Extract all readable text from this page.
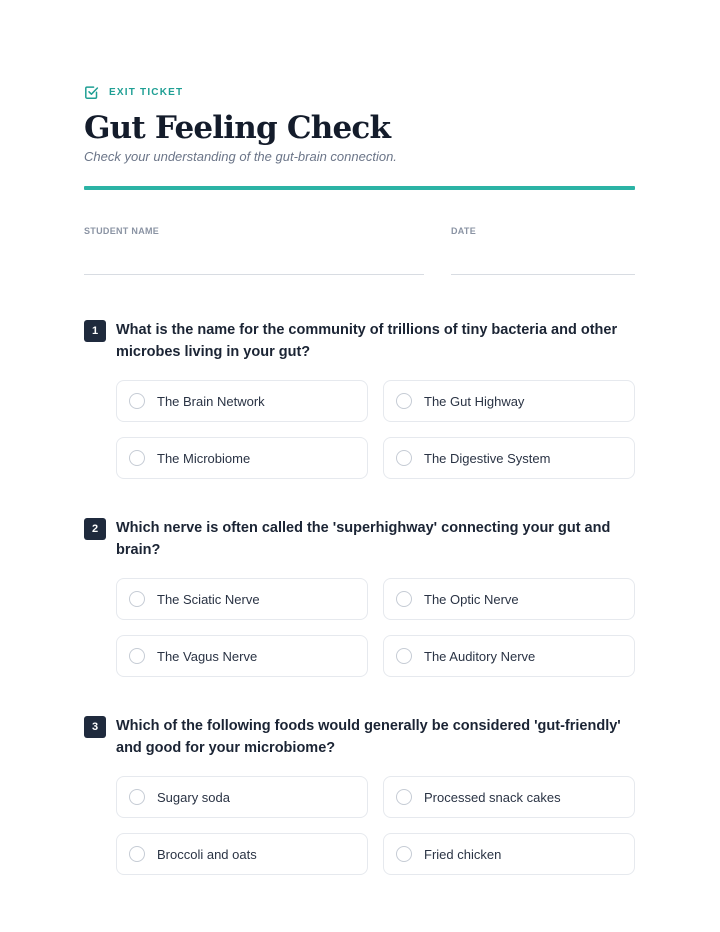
EXIT TICKET
Gut Feeling Check
Check your understanding of the gut-brain connection.
STUDENT NAME	DATE
1	What is the name for the community of trillions of tiny bacteria and other microbes living in your gut?
The Brain Network	The Gut Highway
The Microbiome	The Digestive System
2	Which nerve is often called the 'superhighway' connecting your gut and brain?
The Sciatic Nerve	The Optic Nerve
The Vagus Nerve	The Auditory Nerve
3	Which of the following foods would generally be considered 'gut-friendly' and good for your microbiome?
Sugary soda	Processed snack cakes
Broccoli and oats	Fried chicken
